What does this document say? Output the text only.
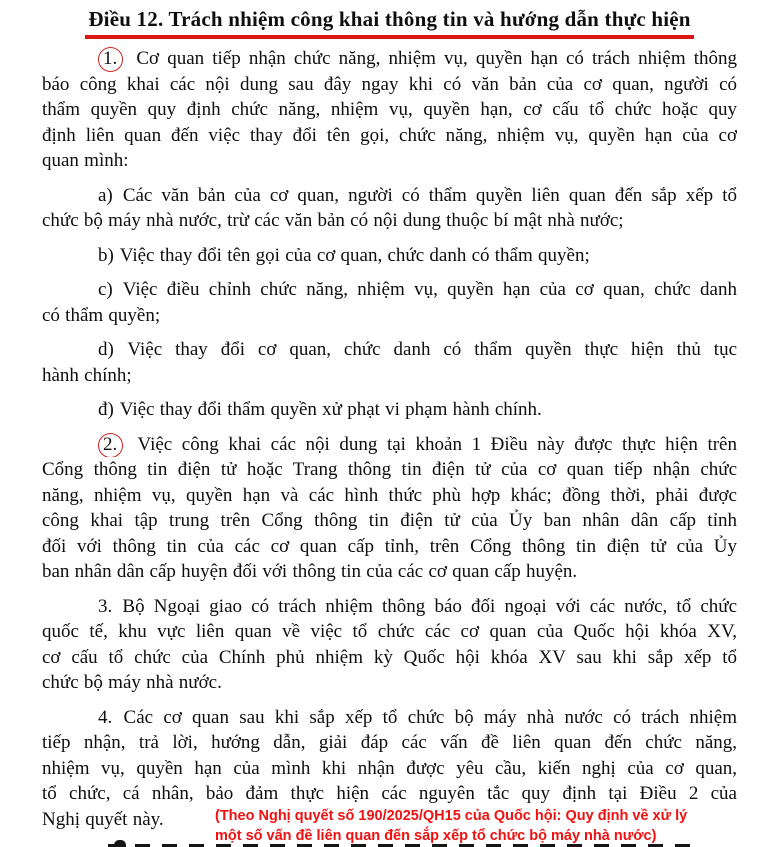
Điều 12. Trách nhiệm công khai thông tin và hướng dẫn thực hiện
1. Cơ quan tiếp nhận chức năng, nhiệm vụ, quyền hạn có trách nhiệm thông
báo công khai các nội dung sau đây ngay khi có văn bản của cơ quan, người có
thẩm quyền quy định chức năng, nhiệm vụ, quyền hạn, cơ cấu tổ chức hoặc quy
định liên quan đến việc thay đổi tên gọi, chức năng, nhiệm vụ, quyền hạn của cơ
quan mình:
a) Các văn bản của cơ quan, người có thẩm quyền liên quan đến sắp xếp tổ
chức bộ máy nhà nước, trừ các văn bản có nội dung thuộc bí mật nhà nước;
b) Việc thay đổi tên gọi của cơ quan, chức danh có thẩm quyền;
c) Việc điều chỉnh chức năng, nhiệm vụ, quyền hạn của cơ quan, chức danh
có thẩm quyền;
d) Việc thay đổi cơ quan, chức danh có thẩm quyền thực hiện thủ tục
hành chính;
đ) Việc thay đổi thẩm quyền xử phạt vi phạm hành chính.
2. Việc công khai các nội dung tại khoản 1 Điều này được thực hiện trên
Cổng thông tin điện tử hoặc Trang thông tin điện tử của cơ quan tiếp nhận chức
năng, nhiệm vụ, quyền hạn và các hình thức phù hợp khác; đồng thời, phải được
công khai tập trung trên Cổng thông tin điện tử của Ủy ban nhân dân cấp tỉnh
đối với thông tin của các cơ quan cấp tỉnh, trên Cổng thông tin điện tử của Ủy
ban nhân dân cấp huyện đối với thông tin của các cơ quan cấp huyện.
3. Bộ Ngoại giao có trách nhiệm thông báo đối ngoại với các nước, tổ chức
quốc tế, khu vực liên quan về việc tổ chức các cơ quan của Quốc hội khóa XV,
cơ cấu tổ chức của Chính phủ nhiệm kỳ Quốc hội khóa XV sau khi sắp xếp tổ
chức bộ máy nhà nước.
4. Các cơ quan sau khi sắp xếp tổ chức bộ máy nhà nước có trách nhiệm
tiếp nhận, trả lời, hướng dẫn, giải đáp các vấn đề liên quan đến chức năng,
nhiệm vụ, quyền hạn của mình khi nhận được yêu cầu, kiến nghị của cơ quan,
tổ chức, cá nhân, bảo đảm thực hiện các nguyên tắc quy định tại Điều 2 của
Nghị quyết này.	(Theo Nghị quyết số 190/2025/QH15 của Quốc hội: Quy định về xử lý
một số vấn đề liên quan đến sắp xếp tổ chức bộ máy nhà nước)
